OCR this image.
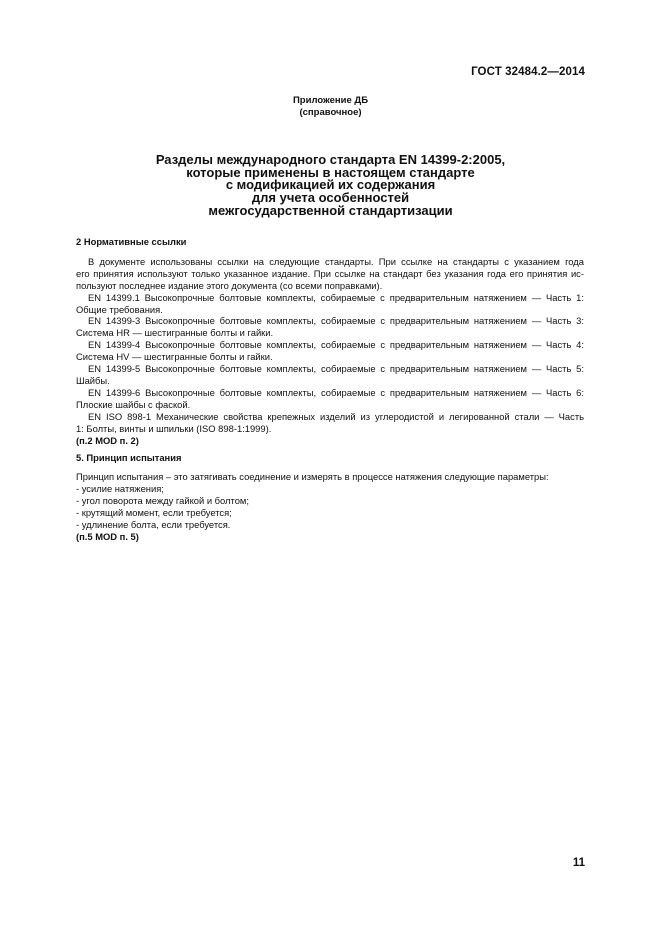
ГОСТ 32484.2—2014
Приложение ДБ
(справочное)
Разделы международного стандарта EN 14399-2:2005,
которые применены в настоящем стандарте
с модификацией их содержания
для учета особенностей
межгосударственной стандартизации
2 Нормативные ссылки
В документе использованы ссылки на следующие стандарты. При ссылке на стандарты с указанием года
его принятия используют только указанное издание. При ссылке на стандарт без указания года его принятия ис-
пользуют последнее издание этого документа (со всеми поправками).
EN 14399.1 Высокопрочные болтовые комплекты, собираемые с предварительным натяжением — Часть 1:
Общие требования.
EN 14399-3 Высокопрочные болтовые комплекты, собираемые с предварительным натяжением — Часть 3:
Система HR — шестигранные болты и гайки.
EN 14399-4 Высокопрочные болтовые комплекты, собираемые с предварительным натяжением — Часть 4:
Система HV — шестигранные болты и гайки.
EN 14399-5 Высокопрочные болтовые комплекты, собираемые с предварительным натяжением — Часть 5:
Шайбы.
EN 14399-6 Высокопрочные болтовые комплекты, собираемые с предварительным натяжением — Часть 6:
Плоские шайбы с фаской.
EN ISO 898-1 Механические свойства крепежных изделий из углеродистой и легированной стали — Часть
1: Болты, винты и шпильки (ISO 898-1:1999).
(п.2 MOD п. 2)
5. Принцип испытания
Принцип испытания – это затягивать соединение и измерять в процессе натяжения следующие параметры:
- усилие натяжения;
- угол поворота между гайкой и болтом;
- крутящий момент, если требуется;
- удлинение болта, если требуется.
(п.5 MOD п. 5)
11
